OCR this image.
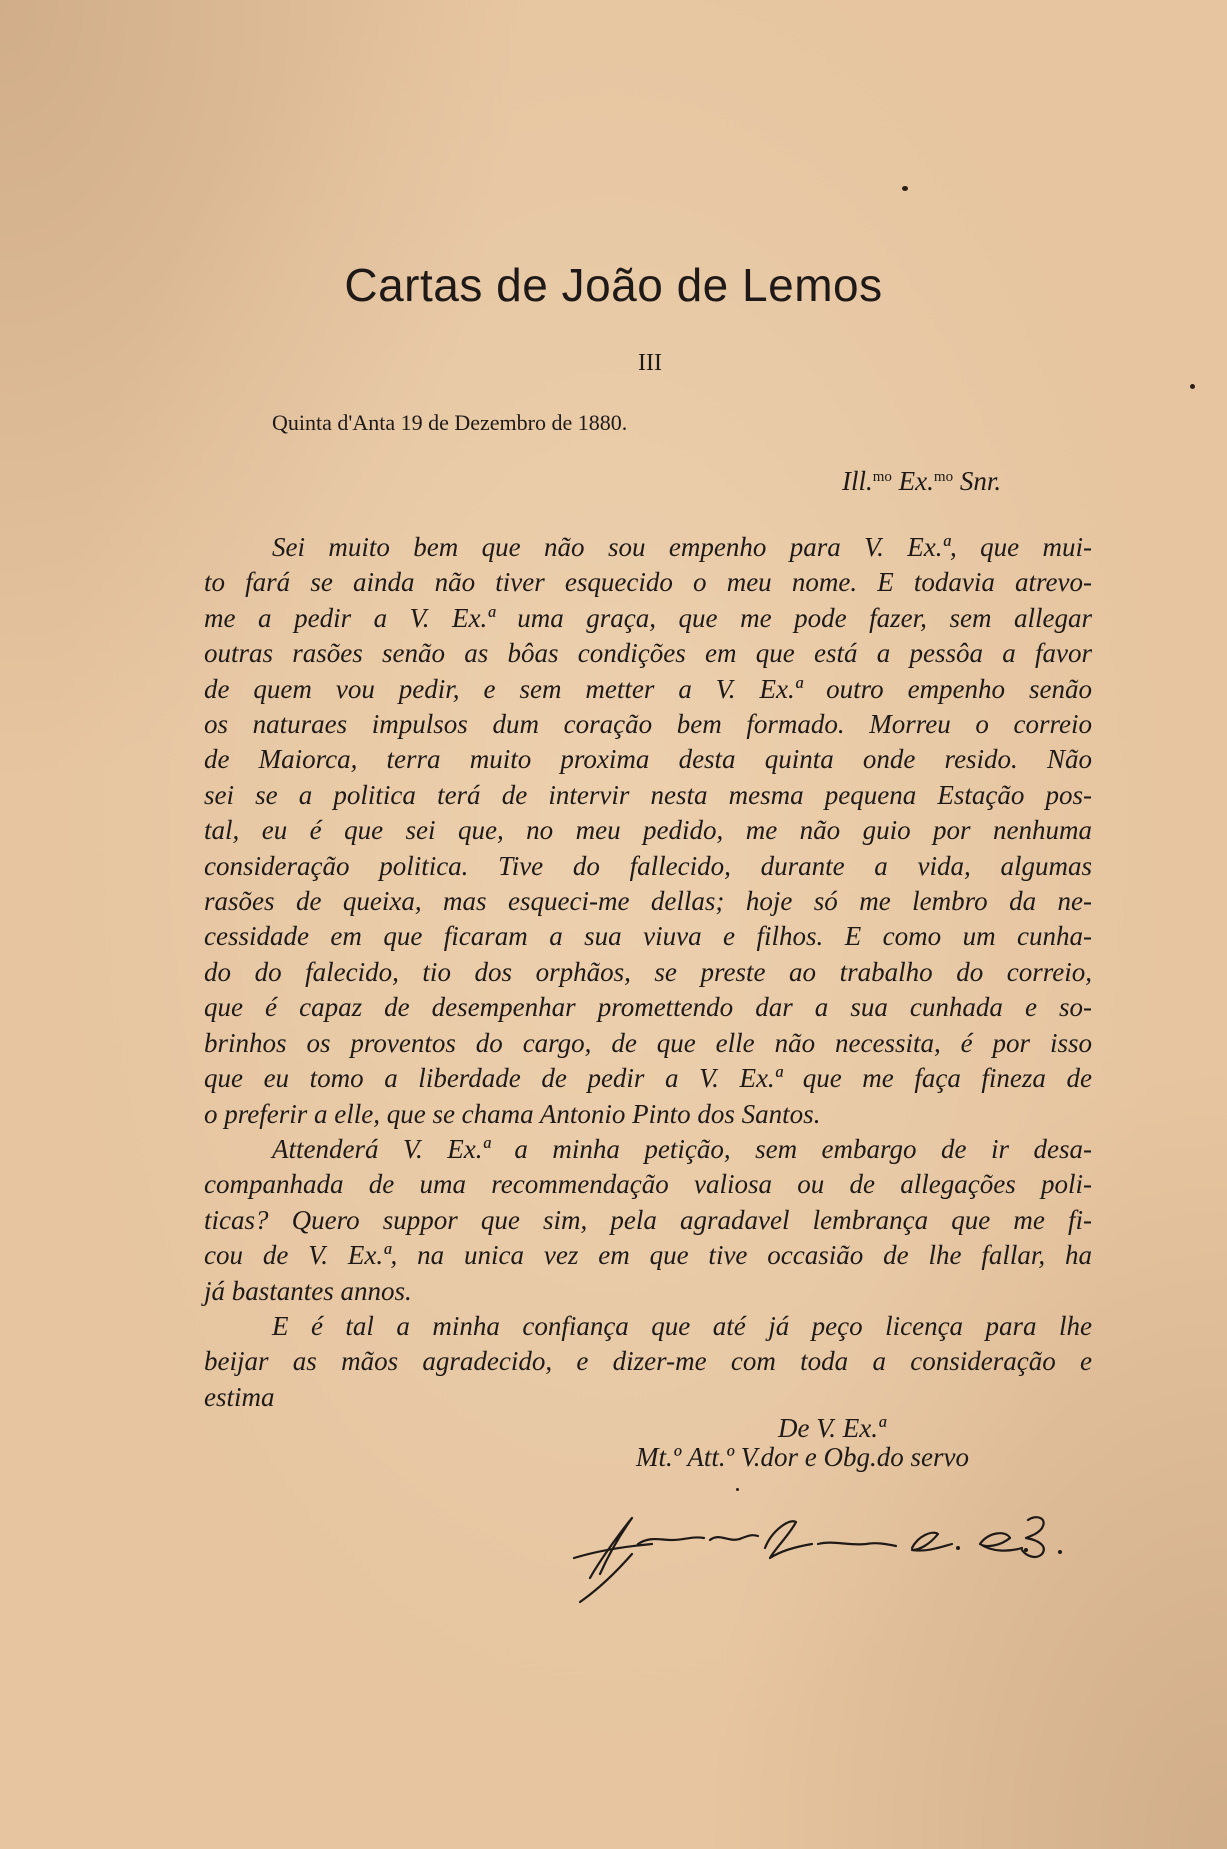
Cartas de João de Lemos
III
Quinta d'Anta 19 de Dezembro de 1880.
Ill.$^{mo}$ Ex.$^{mo}$ Snr.
Sei muito bem que não sou empenho para V. Ex.ª, que mui-
to fará se ainda não tiver esquecido o meu nome. E todavia atrevo-
me a pedir a V. Ex.ª uma graça, que me pode fazer, sem allegar
outras rasões senão as bôas condições em que está a pessôa a favor
de quem vou pedir, e sem metter a V. Ex.ª outro empenho senão
os naturaes impulsos dum coração bem formado. Morreu o correio
de Maiorca, terra muito proxima desta quinta onde resido. Não
sei se a politica terá de intervir nesta mesma pequena Estação pos-
tal, eu é que sei que, no meu pedido, me não guio por nenhuma
consideração politica. Tive do fallecido, durante a vida, algumas
rasões de queixa, mas esqueci-me dellas; hoje só me lembro da ne-
cessidade em que ficaram a sua viuva e filhos. E como um cunha-
do do falecido, tio dos orphãos, se preste ao trabalho do correio,
que é capaz de desempenhar promettendo dar a sua cunhada e so-
brinhos os proventos do cargo, de que elle não necessita, é por isso
que eu tomo a liberdade de pedir a V. Ex.ª que me faça fineza de
o preferir a elle, que se chama Antonio Pinto dos Santos.
Attenderá V. Ex.ª a minha petição, sem embargo de ir desa-
companhada de uma recommendação valiosa ou de allegações poli-
ticas? Quero suppor que sim, pela agradavel lembrança que me fi-
cou de V. Ex.ª, na unica vez em que tive occasião de lhe fallar, ha
já bastantes annos.
E é tal a minha confiança que até já peço licença para lhe
beijar as mãos agradecido, e dizer-me com toda a consideração e
estima
De V. Ex.ª
Mt.º Att.º V.dor e Obg.do servo
